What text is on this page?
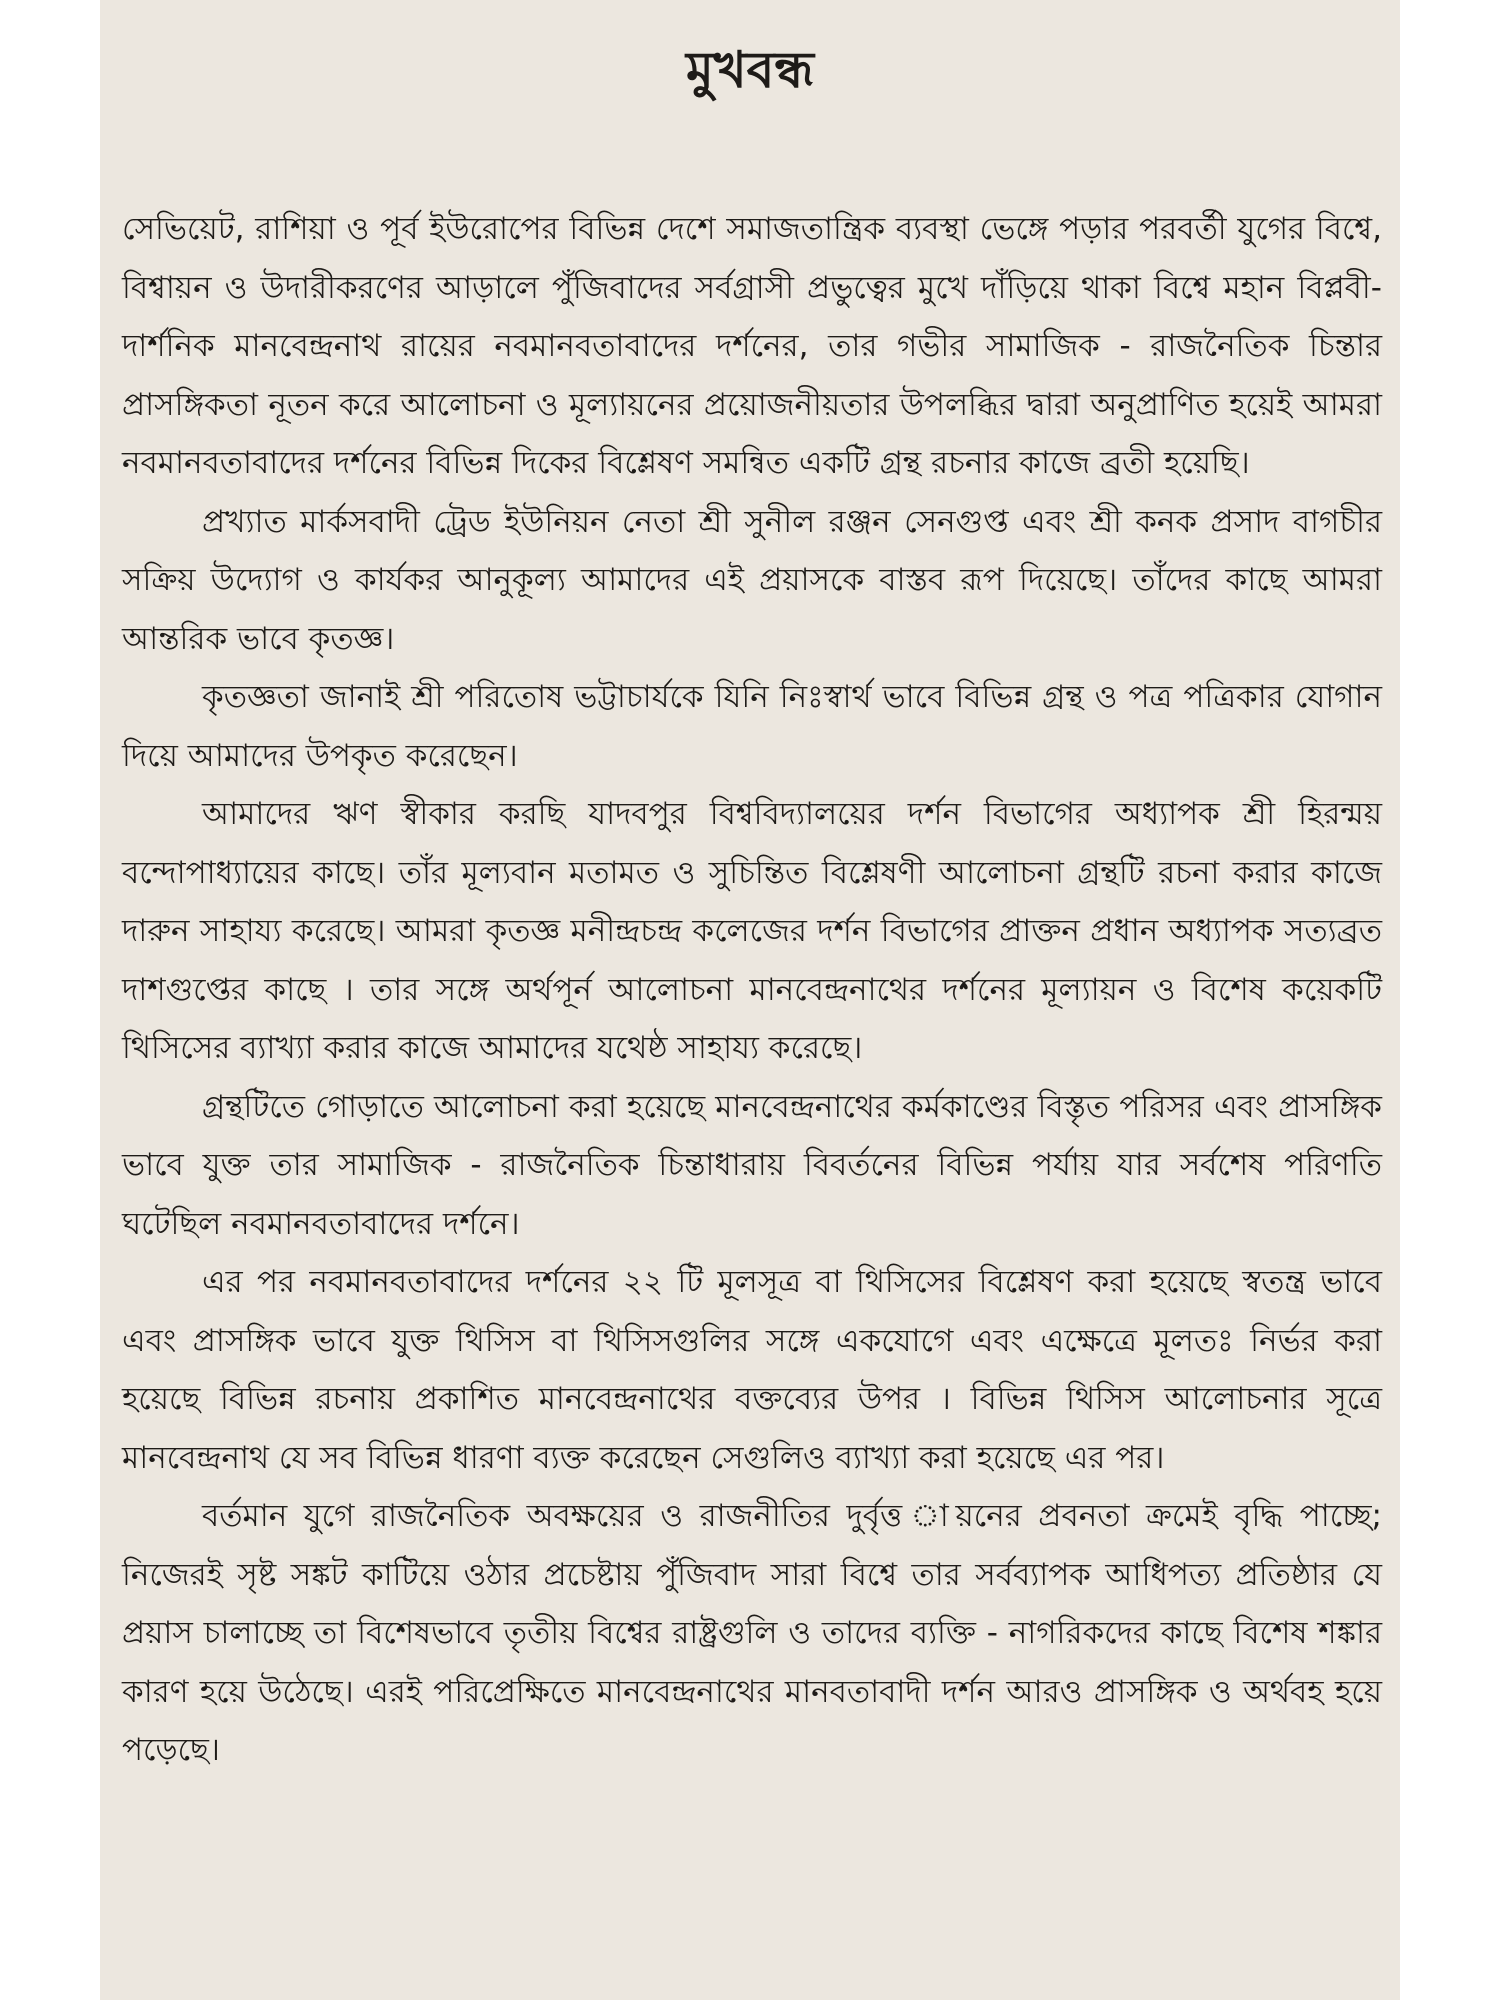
মুখবন্ধ

সেভিয়েট, রাশিয়া ও পূর্ব ইউরোপের বিভিন্ন দেশে সমাজতান্ত্রিক ব্যবস্থা ভেঙ্গে পড়ার পরবর্তী যুগের বিশ্বে, বিশ্বায়ন ও উদারীকরণের আড়ালে পুঁজিবাদের সর্বগ্রাসী প্রভুত্বের মুখে দাঁড়িয়ে থাকা বিশ্বে মহান বিপ্লবী-দার্শনিক মানবেন্দ্রনাথ রায়ের নবমানবতাবাদের দর্শনের, তার গভীর সামাজিক - রাজনৈতিক চিন্তার প্রাসঙ্গিকতা নূতন করে আলোচনা ও মূল্যায়নের প্রয়োজনীয়তার উপলব্ধির দ্বারা অনুপ্রাণিত হয়েই আমরা নবমানবতাবাদের দর্শনের বিভিন্ন দিকের বিশ্লেষণ সমন্বিত একটি গ্রন্থ রচনার কাজে ব্রতী হয়েছি।

প্রখ্যাত মার্কসবাদী ট্রেড ইউনিয়ন নেতা শ্রী সুনীল রঞ্জন সেনগুপ্ত এবং শ্রী কনক প্রসাদ বাগচীর সক্রিয় উদ্যোগ ও কার্যকর আনুকূল্য আমাদের এই প্রয়াসকে বাস্তব রূপ দিয়েছে। তাঁদের কাছে আমরা আন্তরিক ভাবে কৃতজ্ঞ।

কৃতজ্ঞতা জানাই শ্রী পরিতোষ ভট্টাচার্যকে যিনি নিঃস্বার্থ ভাবে বিভিন্ন গ্রন্থ ও পত্র পত্রিকার যোগান দিয়ে আমাদের উপকৃত করেছেন।

আমাদের ঋণ স্বীকার করছি যাদবপুর বিশ্ববিদ্যালয়ের দর্শন বিভাগের অধ্যাপক শ্রী হিরন্ময় বন্দোপাধ্যায়ের কাছে। তাঁর মূল্যবান মতামত ও সুচিন্তিত বিশ্লেষণী আলোচনা গ্রন্থটি রচনা করার কাজে দারুন সাহায্য করেছে। আমরা কৃতজ্ঞ মনীন্দ্রচন্দ্র কলেজের দর্শন বিভাগের প্রাক্তন প্রধান অধ্যাপক সত্যব্রত দাশগুপ্তের কাছে । তার সঙ্গে অর্থপূর্ন আলোচনা মানবেন্দ্রনাথের দর্শনের মূল্যায়ন ও বিশেষ কয়েকটি থিসিসের ব্যাখ্যা করার কাজে আমাদের যথেষ্ঠ সাহায্য করেছে।

গ্রন্থটিতে গোড়াতে আলোচনা করা হয়েছে মানবেন্দ্রনাথের কর্মকাণ্ডের বিস্তৃত পরিসর এবং প্রাসঙ্গিক ভাবে যুক্ত তার সামাজিক - রাজনৈতিক চিন্তাধারায় বিবর্তনের বিভিন্ন পর্যায় যার সর্বশেষ পরিণতি ঘটেছিল নবমানবতাবাদের দর্শনে।

এর পর নবমানবতাবাদের দর্শনের ২২ টি মূলসূত্র বা থিসিসের বিশ্লেষণ করা হয়েছে স্বতন্ত্র ভাবে এবং প্রাসঙ্গিক ভাবে যুক্ত থিসিস বা থিসিসগুলির সঙ্গে একযোগে এবং এক্ষেত্রে মূলতঃ নির্ভর করা হয়েছে বিভিন্ন রচনায় প্রকাশিত মানবেন্দ্রনাথের বক্তব্যের উপর । বিভিন্ন থিসিস আলোচনার সূত্রে মানবেন্দ্রনাথ যে সব বিভিন্ন ধারণা ব্যক্ত করেছেন সেগুলিও ব্যাখ্যা করা হয়েছে এর পর।

বর্তমান যুগে রাজনৈতিক অবক্ষয়ের ও রাজনীতির দুর্বৃত্ত ায়নের প্রবনতা ক্রমেই বৃদ্ধি পাচ্ছে; নিজেরই সৃষ্ট সঙ্কট কাটিয়ে ওঠার প্রচেষ্টায় পুঁজিবাদ সারা বিশ্বে তার সর্বব্যাপক আধিপত্য প্রতিষ্ঠার যে প্রয়াস চালাচ্ছে তা বিশেষভাবে তৃতীয় বিশ্বের রাষ্ট্রগুলি ও তাদের ব্যক্তি - নাগরিকদের কাছে বিশেষ শঙ্কার কারণ হয়ে উঠেছে। এরই পরিপ্রেক্ষিতে মানবেন্দ্রনাথের মানবতাবাদী দর্শন আরও প্রাসঙ্গিক ও অর্থবহ হয়ে পড়েছে।
